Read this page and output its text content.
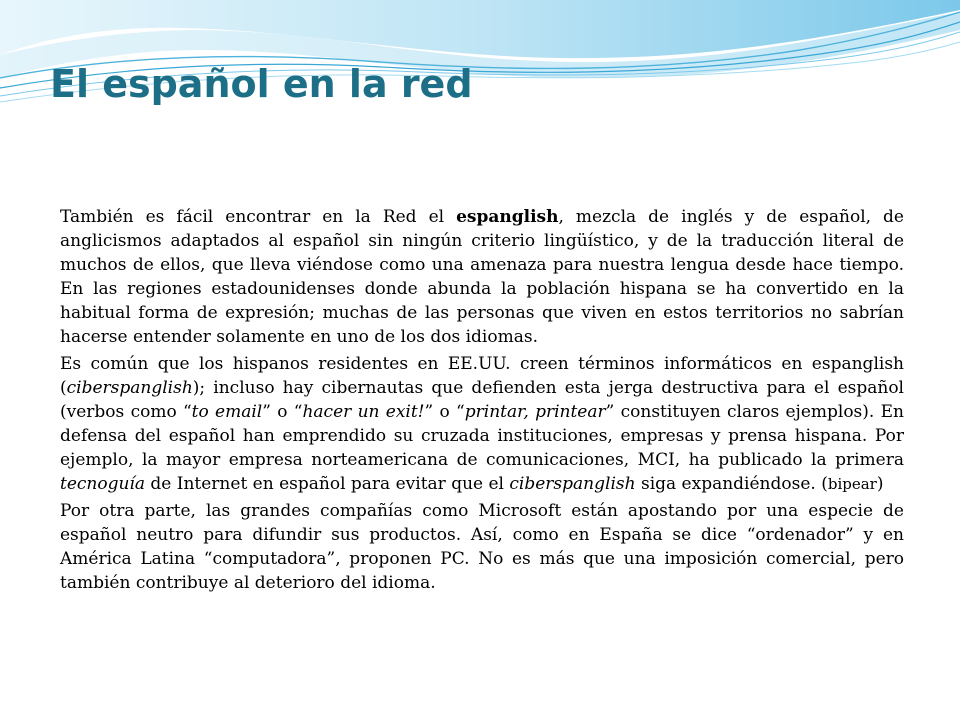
El español en la red

También es fácil encontrar en la Red el espanglish, mezcla de inglés y de español, de anglicismos adaptados al español sin ningún criterio lingüístico, y de la traducción literal de muchos de ellos, que lleva viéndose como una amenaza para nuestra lengua desde hace tiempo. En las regiones estadounidenses donde abunda la población hispana se ha convertido en la habitual forma de expresión; muchas de las personas que viven en estos territorios no sabrían hacerse entender solamente en uno de los dos idiomas.

Es común que los hispanos residentes en EE.UU. creen términos informáticos en espanglish (ciberspanglish); incluso hay cibernautas que defienden esta jerga destructiva para el español (verbos como “to email” o “hacer un exit!” o “printar, printear” constituyen claros ejemplos). En defensa del español han emprendido su cruzada instituciones, empresas y prensa hispana. Por ejemplo, la mayor empresa norteamericana de comunicaciones, MCI, ha publicado la primera tecnoguía de Internet en español para evitar que el ciberspanglish siga expandiéndose. (bipear)

Por otra parte, las grandes compañías como Microsoft están apostando por una especie de español neutro para difundir sus productos. Así, como en España se dice “ordenador” y en América Latina “computadora”, proponen PC. No es más que una imposición comercial, pero también contribuye al deterioro del idioma.
